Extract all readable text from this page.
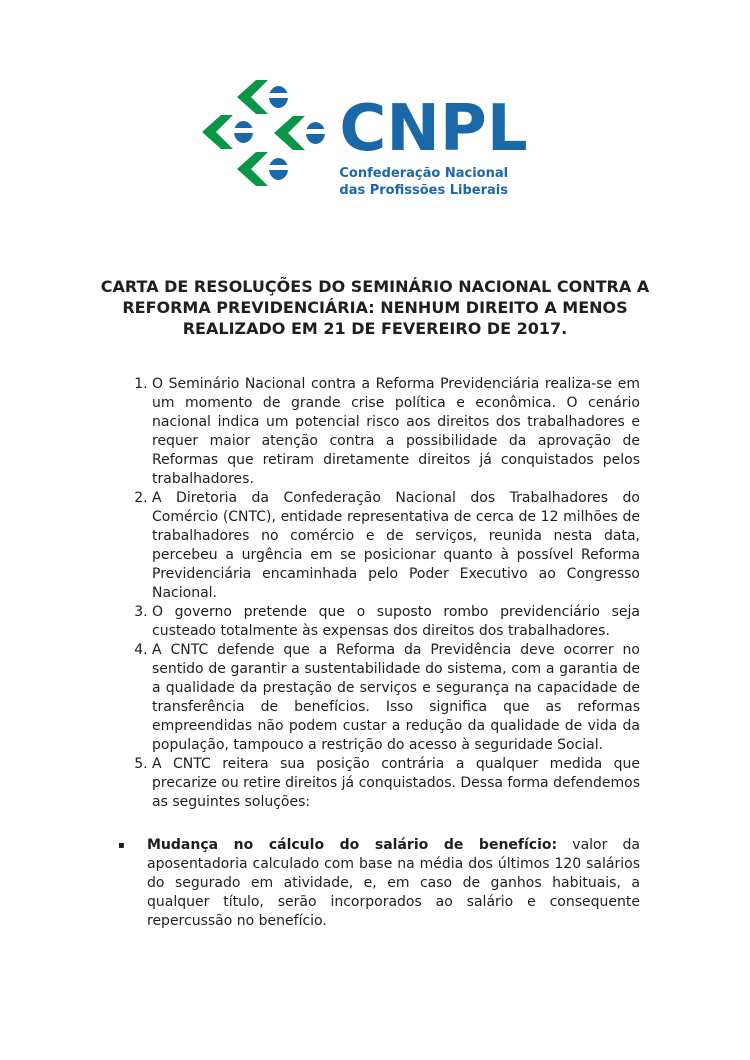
CNPL
Confederação Nacional
das Profissões Liberais
CARTA DE RESOLUÇÕES DO SEMINÁRIO NACIONAL CONTRA A REFORMA PREVIDENCIÁRIA: NENHUM DIREITO A MENOS REALIZADO EM 21 DE FEVEREIRO DE 2017.
1. O Seminário Nacional contra a Reforma Previdenciária realiza-se em um momento de grande crise política e econômica. O cenário nacional indica um potencial risco aos direitos dos trabalhadores e requer maior atenção contra a possibilidade da aprovação de Reformas que retiram diretamente direitos já conquistados pelos trabalhadores.
2. A Diretoria da Confederação Nacional dos Trabalhadores do Comércio (CNTC), entidade representativa de cerca de 12 milhões de trabalhadores no comércio e de serviços, reunida nesta data, percebeu a urgência em se posicionar quanto à possível Reforma Previdenciária encaminhada pelo Poder Executivo ao Congresso Nacional.
3. O governo pretende que o suposto rombo previdenciário seja custeado totalmente às expensas dos direitos dos trabalhadores.
4. A CNTC defende que a Reforma da Previdência deve ocorrer no sentido de garantir a sustentabilidade do sistema, com a garantia de a qualidade da prestação de serviços e segurança na capacidade de transferência de benefícios. Isso significa que as reformas empreendidas não podem custar a redução da qualidade de vida da população, tampouco a restrição do acesso à seguridade Social.
5. A CNTC reitera sua posição contrária a qualquer medida que precarize ou retire direitos já conquistados. Dessa forma defendemos as seguintes soluções:
▪	Mudança no cálculo do salário de benefício: valor da aposentadoria calculado com base na média dos últimos 120 salários do segurado em atividade, e, em caso de ganhos habituais, a qualquer título, serão incorporados ao salário e consequente repercussão no benefício.
